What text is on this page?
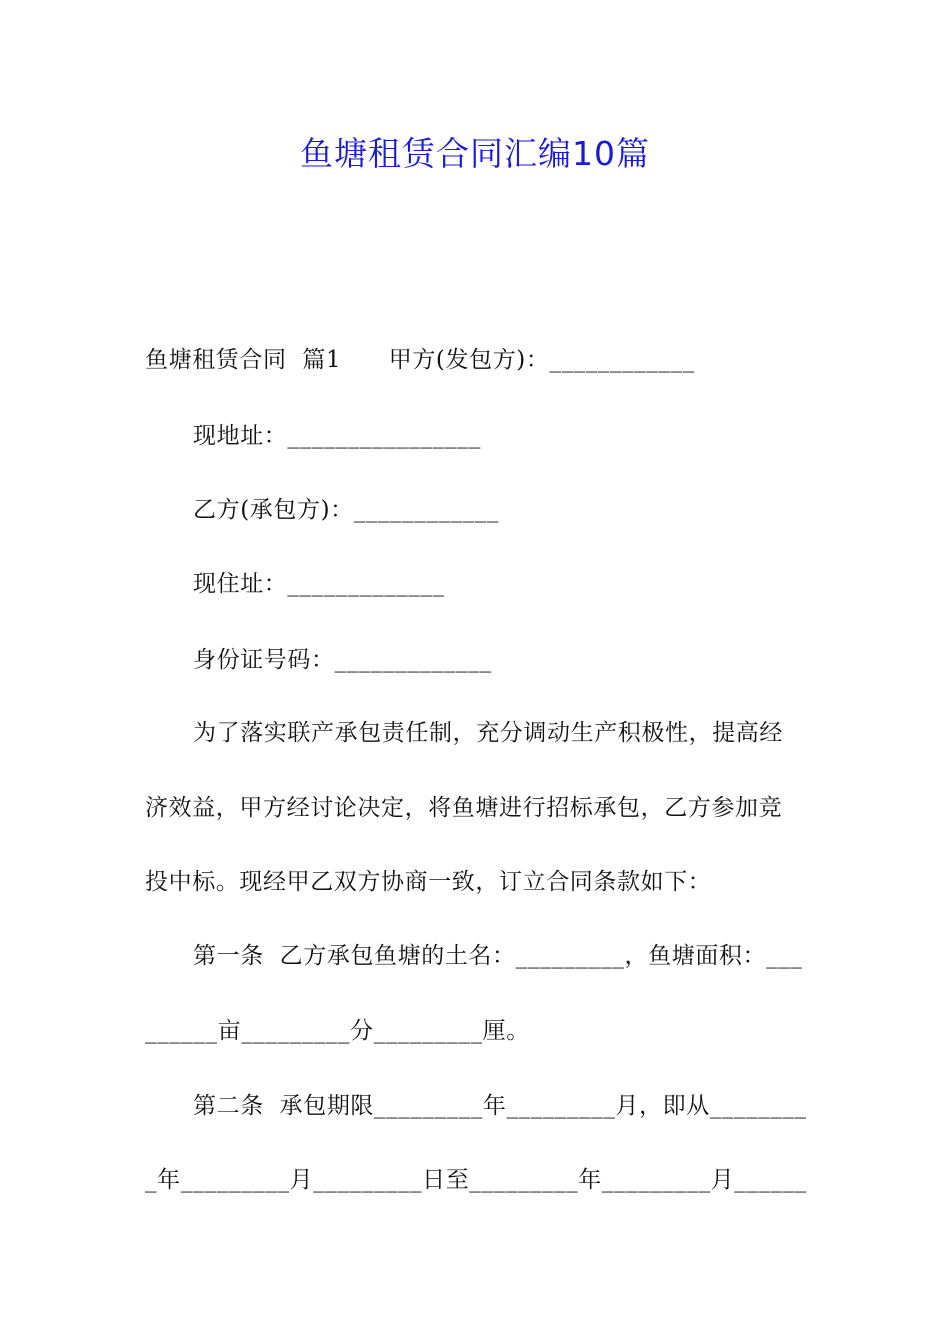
鱼塘租赁合同汇编10篇
鱼塘租赁合同  篇1      甲方(发包方)：____________
现地址：________________
乙方(承包方)：____________
现住址：_____________
身份证号码：_____________
为了落实联产承包责任制，充分调动生产积极性，提高经
济效益，甲方经讨论决定，将鱼塘进行招标承包，乙方参加竞
投中标。现经甲乙双方协商一致，订立合同条款如下：
第一条  乙方承包鱼塘的土名：_________，鱼塘面积：___
______亩_________分_________厘。
第二条  承包期限_________年_________月，即从________
_年_________月_________日至_________年_________月______
